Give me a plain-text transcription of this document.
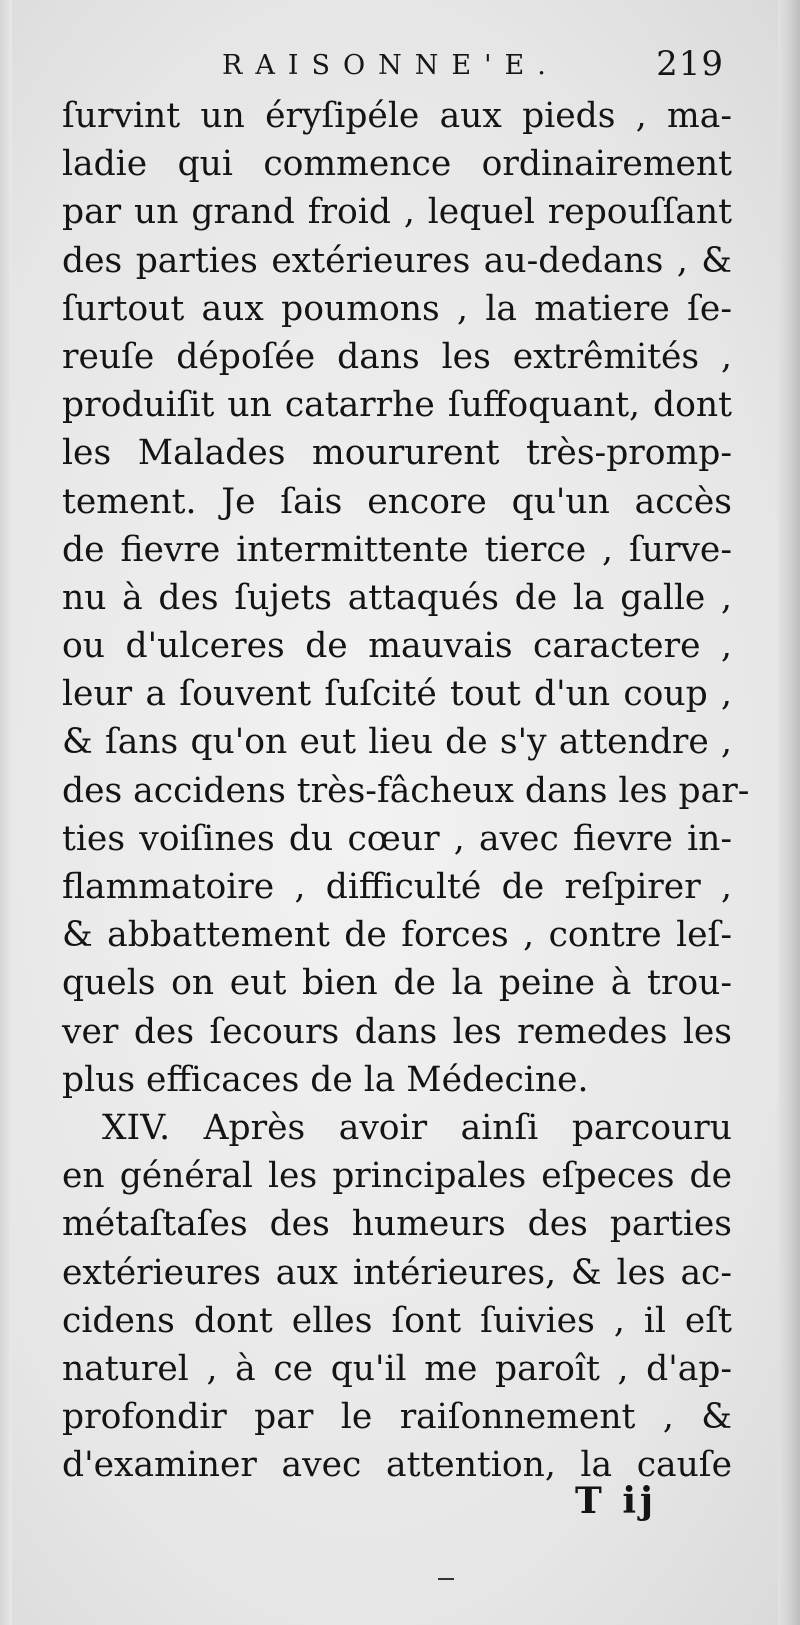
RAISONNE'E.	219
ſurvint un éryſipéle aux pieds , ma-
ladie qui commence ordinairement
par un grand froid , lequel repouſſant
des parties extérieures au-dedans , &
ſurtout aux poumons , la matiere ſe-
reuſe dépoſée dans les extrêmités ,
produiſit un catarrhe ſuffoquant, dont
les Malades moururent très-promp-
tement. Je ſais encore qu'un accès
de fievre intermittente tierce , ſurve-
nu à des ſujets attaqués de la galle ,
ou d'ulceres de mauvais caractere ,
leur a ſouvent ſuſcité tout d'un coup ,
& ſans qu'on eut lieu de s'y attendre ,
des accidens très-fâcheux dans les par-
ties voiſines du cœur , avec fievre in-
flammatoire , difficulté de reſpirer ,
& abbattement de forces , contre leſ-
quels on eut bien de la peine à trou-
ver des ſecours dans les remedes les
plus efficaces de la Médecine.
XIV. Après avoir ainſi parcouru
en général les principales eſpeces de
métaſtaſes des humeurs des parties
extérieures aux intérieures, & les ac-
cidens dont elles ſont ſuivies , il eſt
naturel , à ce qu'il me paroît , d'ap-
profondir par le raiſonnement , &
d'examiner avec attention, la cauſe
T ij
